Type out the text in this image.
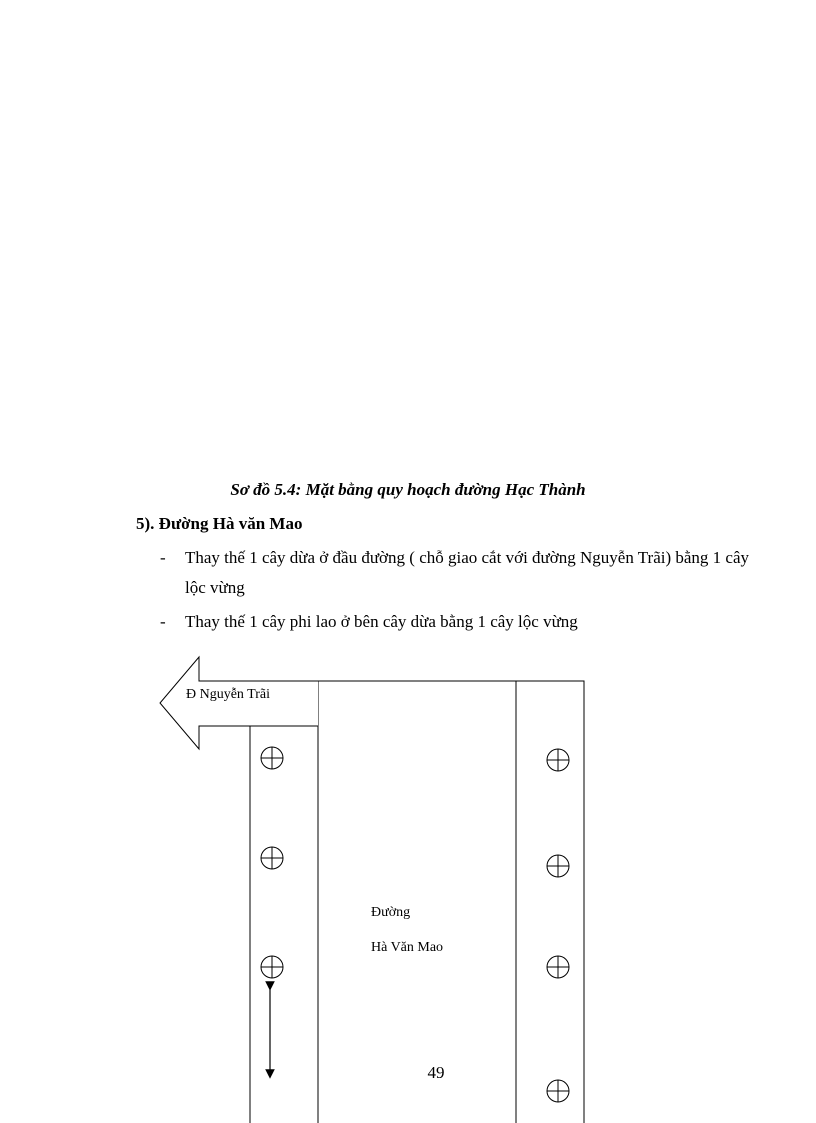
Sơ đồ 5.4: Mặt bằng quy hoạch đường Hạc Thành
5). Đường Hà văn Mao
- Thay thế 1 cây dừa ở đầu đường ( chỗ giao cắt với đường Nguyễn Trãi) bằng 1 cây lộc vừng
- Thay thế 1 cây phi lao ở bên cây dừa bằng 1 cây lộc vừng
Đ Nguyễn Trãi
Đường
Hà Văn Mao
49
